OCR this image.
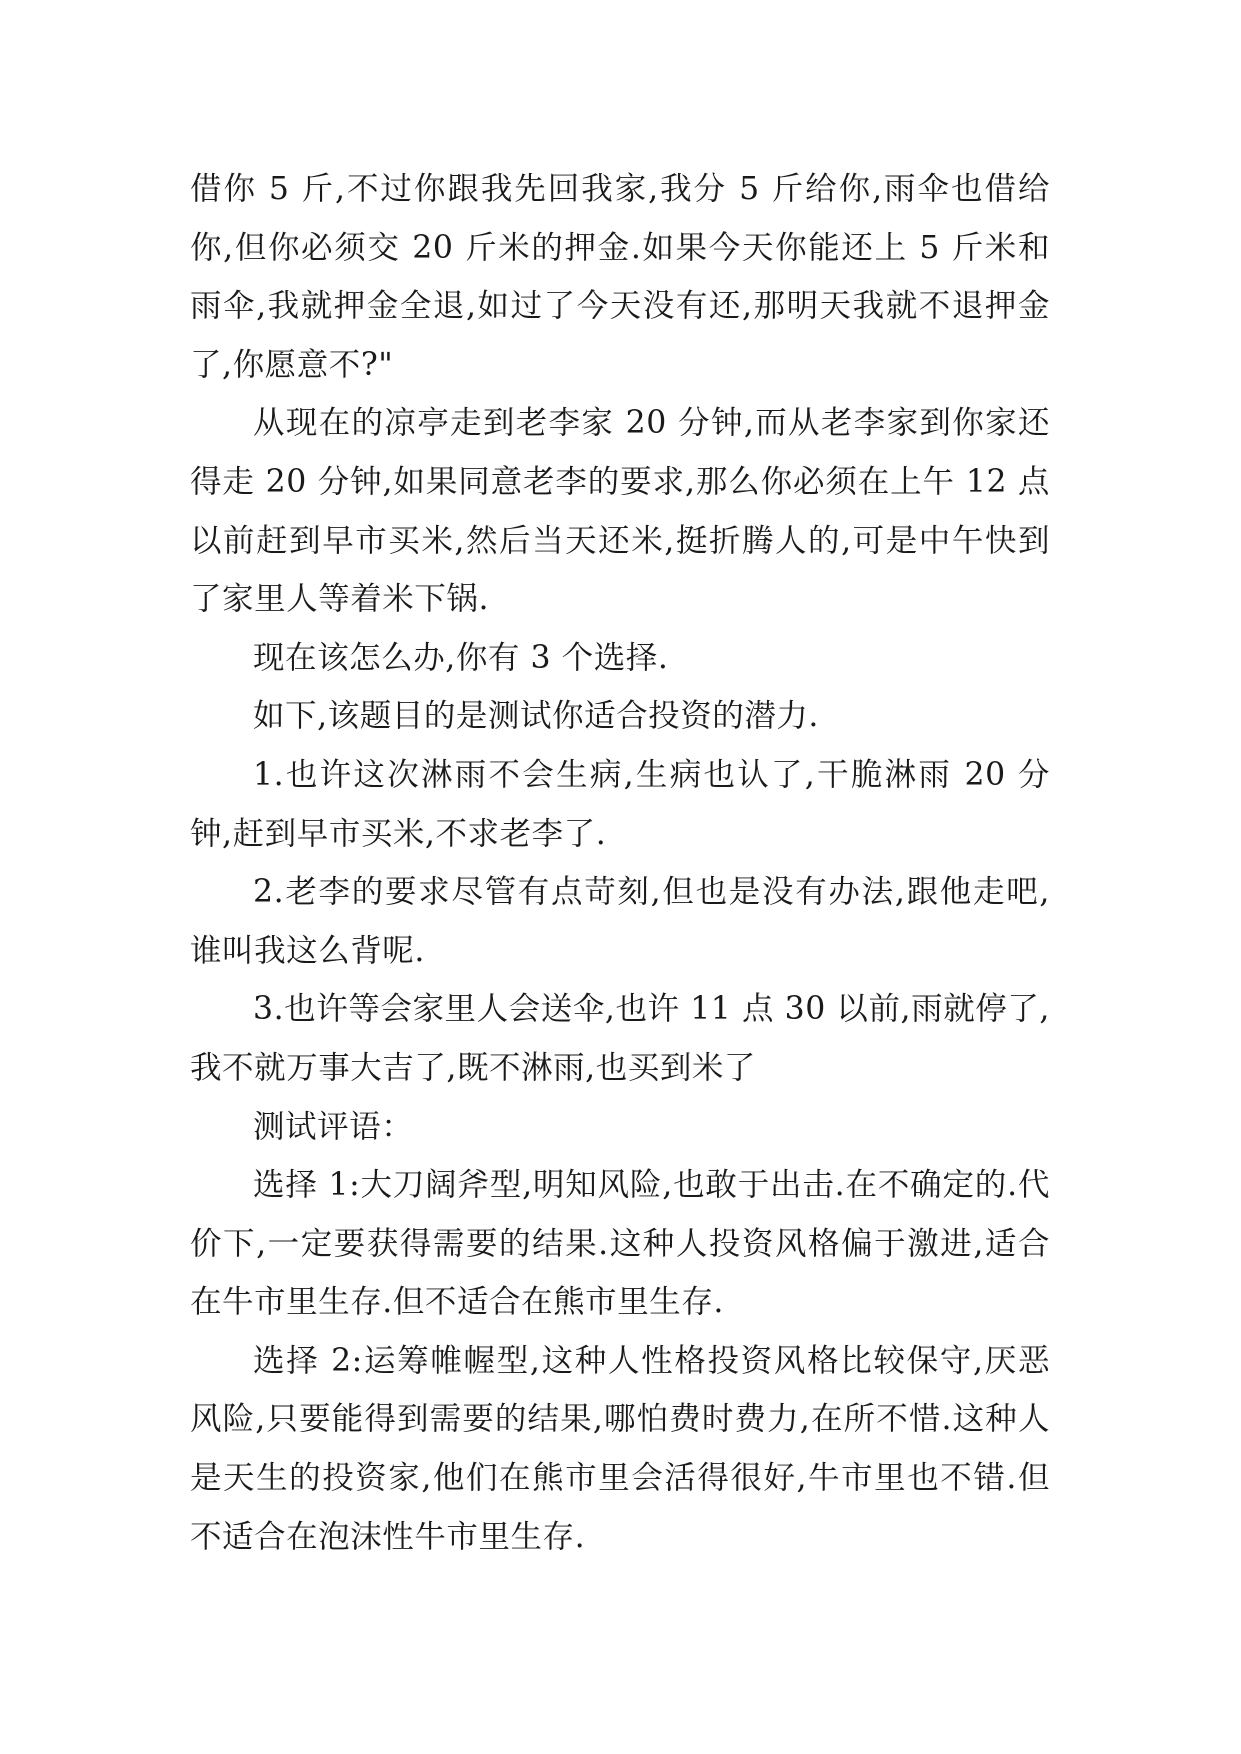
借你 5 斤,不过你跟我先回我家,我分 5 斤给你,雨伞也借给你,但你必须交 20 斤米的押金.如果今天你能还上 5 斤米和雨伞,我就押金全退,如过了今天没有还,那明天我就不退押金了,你愿意不?"

从现在的凉亭走到老李家 20 分钟,而从老李家到你家还得走 20 分钟,如果同意老李的要求,那么你必须在上午 12 点以前赶到早市买米,然后当天还米,挺折腾人的,可是中午快到了家里人等着米下锅.

现在该怎么办,你有 3 个选择.

如下,该题目的是测试你适合投资的潜力.

1.也许这次淋雨不会生病,生病也认了,干脆淋雨 20 分钟,赶到早市买米,不求老李了.

2.老李的要求尽管有点苛刻,但也是没有办法,跟他走吧,谁叫我这么背呢.

3.也许等会家里人会送伞,也许 11 点 30 以前,雨就停了,我不就万事大吉了,既不淋雨,也买到米了

测试评语：

选择 1:大刀阔斧型,明知风险,也敢于出击.在不确定的.代价下,一定要获得需要的结果.这种人投资风格偏于激进,适合在牛市里生存.但不适合在熊市里生存.

选择 2:运筹帷幄型,这种人性格投资风格比较保守,厌恶风险,只要能得到需要的结果,哪怕费时费力,在所不惜.这种人是天生的投资家,他们在熊市里会活得很好,牛市里也不错.但不适合在泡沫性牛市里生存.
